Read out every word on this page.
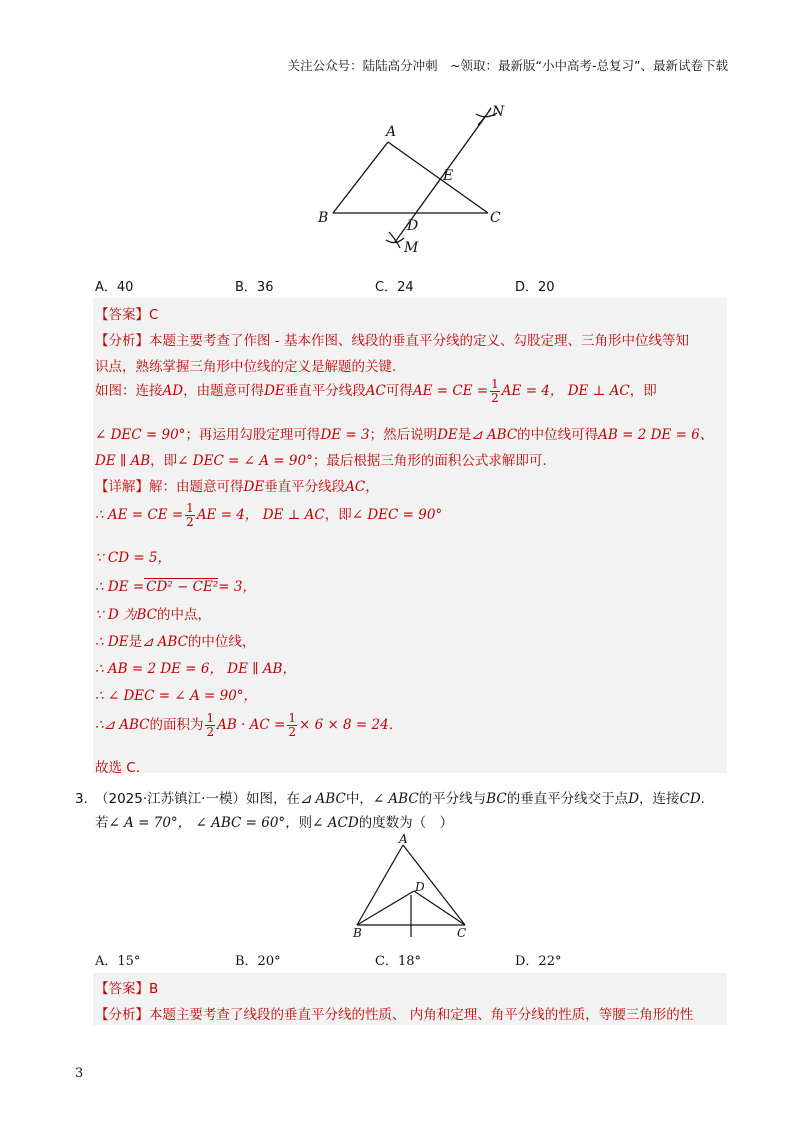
关注公众号：陆陆高分冲刺　~领取：最新版“小中高考-总复习”、最新试卷下载
A
B	C
D
E
M
N
A．40	B．36	C．24	D．20
【答案】C
【分析】本题主要考查了作图 - 基本作图、线段的垂直平分线的定义、勾股定理、三角形中位线等知
识点，熟练掌握三角形中位线的定义是解题的关键.
如图：连接AD，由题意可得DE垂直平分线段AC可得AE = CE = $\frac{1}{2}$ AE = 4， DE ⊥ AC，即
∠ DEC = 90°；再运用勾股定理可得DE = 3；然后说明DE是⊿ ABC的中位线可得AB = 2 DE = 6、
DE ∥ AB，即∠ DEC = ∠ A = 90°；最后根据三角形的面积公式求解即可.
【详解】解：由题意可得DE垂直平分线段AC，
∴ AE = CE = $\frac{1}{2}$ AE = 4， DE ⊥ AC，即∠ DEC = 90°
∵ CD = 5，
∴ DE = CD² − CE²= 3，
∵ D 为BC的中点，
∴ DE是⊿ ABC的中位线，
∴ AB = 2 DE = 6， DE ∥ AB，
∴ ∠ DEC = ∠ A = 90°，
∴⊿ ABC的面积为 $\frac{1}{2}$ AB · AC = $\frac{1}{2} \times 6 \times 8 = 24$．
故选 C.
3．
（2025·江苏镇江·一模）如图，在⊿ ABC中，∠ ABC的平分线与BC的垂直平分线交于点D，连接CD.
若∠ A = 70°， ∠ ABC = 60°，则∠ ACD的度数为（　）
A
B	C
D
A．15°	B．20°	C．18°	D．22°
【答案】B
【分析】本题主要考查了线段的垂直平分线的性质、 内角和定理、角平分线的性质，等腰三角形的性
3
